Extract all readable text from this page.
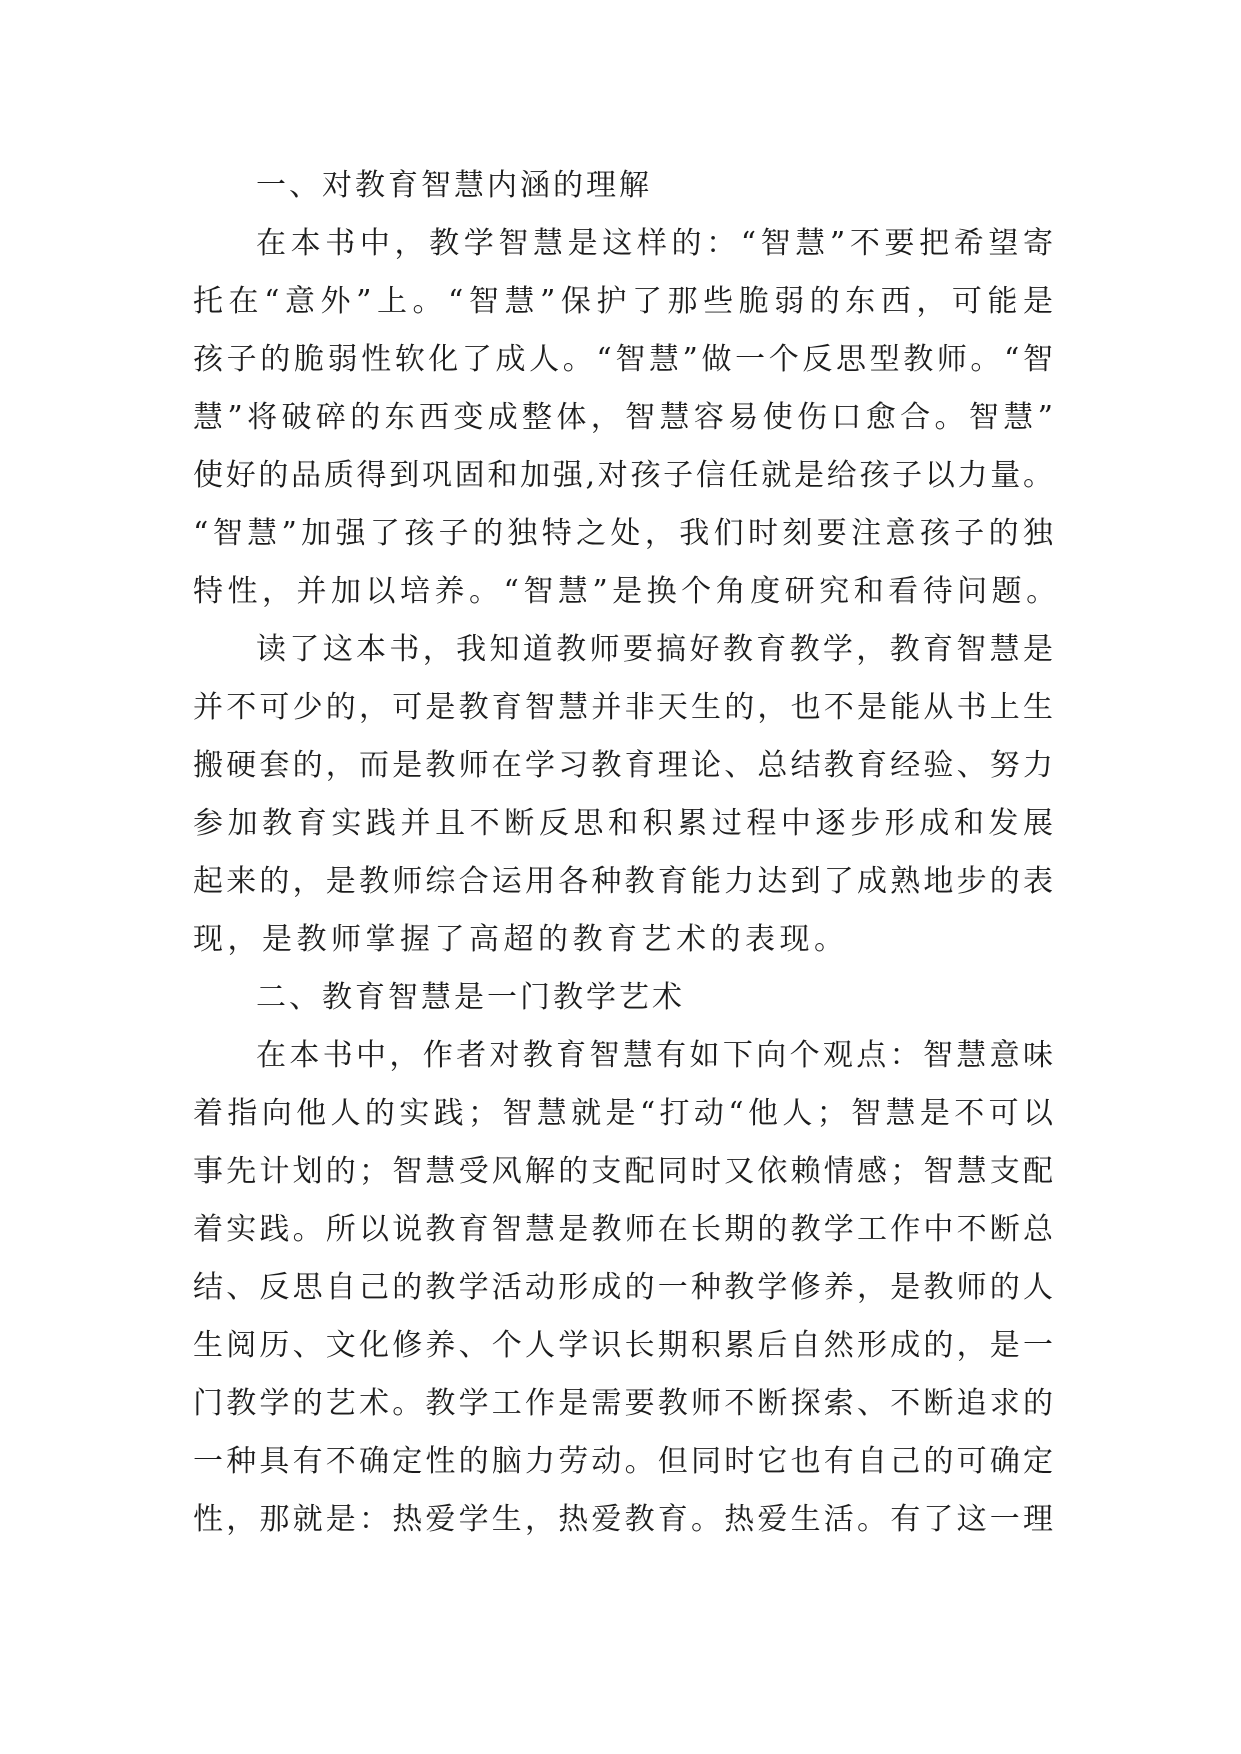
一、对教育智慧内涵的理解
在本书中，教学智慧是这样的：“智慧”不要把希望寄
托在“意外”上。“智慧”保护了那些脆弱的东西，可能是
孩子的脆弱性软化了成人。“智慧”做一个反思型教师。“智
慧”将破碎的东西变成整体，智慧容易使伤口愈合。智慧”
使好的品质得到巩固和加强,对孩子信任就是给孩子以力量。
“智慧”加强了孩子的独特之处，我们时刻要注意孩子的独
特性，并加以培养。“智慧”是换个角度研究和看待问题。
读了这本书，我知道教师要搞好教育教学，教育智慧是
并不可少的，可是教育智慧并非天生的，也不是能从书上生
搬硬套的，而是教师在学习教育理论、总结教育经验、努力
参加教育实践并且不断反思和积累过程中逐步形成和发展
起来的，是教师综合运用各种教育能力达到了成熟地步的表
现，是教师掌握了高超的教育艺术的表现。
二、教育智慧是一门教学艺术
在本书中，作者对教育智慧有如下向个观点：智慧意味
着指向他人的实践；智慧就是“打动“他人；智慧是不可以
事先计划的；智慧受风解的支配同时又依赖情感；智慧支配
着实践。所以说教育智慧是教师在长期的教学工作中不断总
结、反思自己的教学活动形成的一种教学修养，是教师的人
生阅历、文化修养、个人学识长期积累后自然形成的，是一
门教学的艺术。教学工作是需要教师不断探索、不断追求的
一种具有不确定性的脑力劳动。但同时它也有自己的可确定
性，那就是：热爱学生，热爱教育。热爱生活。有了这一理
